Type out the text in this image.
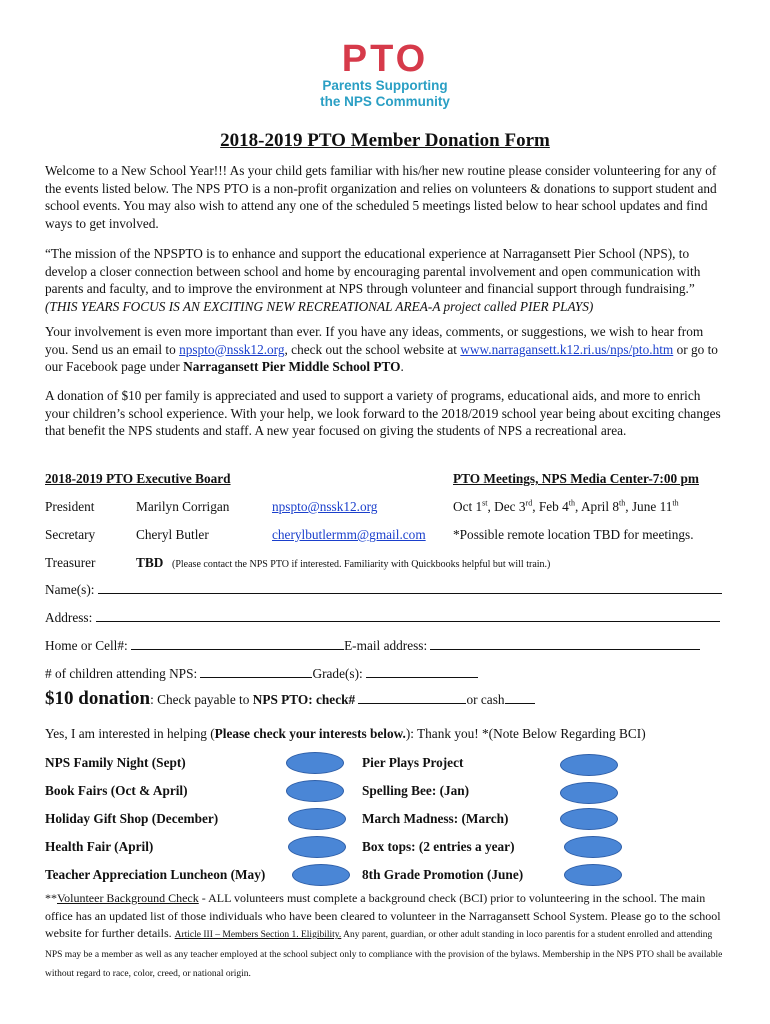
PTO
Parents Supporting
the NPS Community
2018-2019 PTO Member Donation Form

Welcome to a New School Year!!! As your child gets familiar with his/her new routine please consider volunteering for any of the events listed below. The NPS PTO is a non-profit organization and relies on volunteers & donations to support student and school events. You may also wish to attend any one of the scheduled 5 meetings listed below to hear school updates and find ways to get involved.

“The mission of the NPSPTO is to enhance and support the educational experience at Narragansett Pier School (NPS), to develop a closer connection between school and home by encouraging parental involvement and open communication with parents and faculty, and to improve the environment at NPS through volunteer and financial support through fundraising.” (THIS YEARS FOCUS IS AN EXCITING NEW RECREATIONAL AREA-A project called PIER PLAYS)

Your involvement is even more important than ever. If you have any ideas, comments, or suggestions, we wish to hear from you. Send us an email to npspto@nssk12.org, check out the school website at www.narragansett.k12.ri.us/nps/pto.htm or go to our Facebook page under Narragansett Pier Middle School PTO.

A donation of $10 per family is appreciated and used to support a variety of programs, educational aids, and more to enrich your children’s school experience. With your help, we look forward to the 2018/2019 school year being about exciting changes that benefit the NPS students and staff. A new year focused on giving the students of NPS a recreational area.

2018-2019 PTO Executive Board	PTO Meetings, NPS Media Center-7:00 pm
President	Marilyn Corrigan	npspto@nssk12.org	Oct 1st, Dec 3rd, Feb 4th, April 8th, June 11th
Secretary	Cheryl Butler	cherylbutlermm@gmail.com *Possible remote location TBD for meetings.
Treasurer	TBD (Please contact the NPS PTO if interested. Familiarity with Quickbooks helpful but will train.)
Name(s):
Address:
Home or Cell#:	E-mail address:
# of children attending NPS:	Grade(s):
$10 donation: Check payable to NPS PTO: check#	or cash
Yes, I am interested in helping (Please check your interests below.): Thank you! *(Note Below Regarding BCI)
NPS Family Night (Sept)	Pier Plays Project
Book Fairs (Oct & April)	Spelling Bee: (Jan)
Holiday Gift Shop (December)	March Madness: (March)
Health Fair (April)	Box tops: (2 entries a year)
Teacher Appreciation Luncheon (May)	8th Grade Promotion (June)

**Volunteer Background Check - ALL volunteers must complete a background check (BCI) prior to volunteering in the school. The main office has an updated list of those individuals who have been cleared to volunteer in the Narragansett School System. Please go to the school website for further details. Article III – Members Section 1. Eligibility. Any parent, guardian, or other adult standing in loco parentis for a student enrolled and attending NPS may be a member as well as any teacher employed at the school subject only to compliance with the provision of the bylaws. Membership in the NPS PTO shall be available without regard to race, color, creed, or national origin.
